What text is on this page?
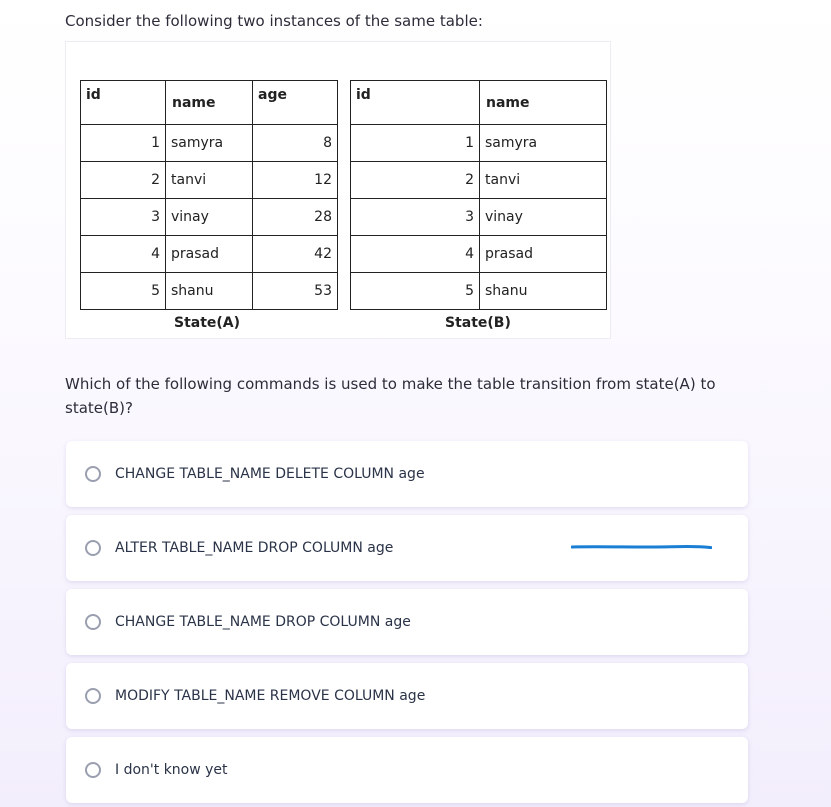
Consider the following two instances of the same table:
id	name	age
1	samyra	8
2	tanvi	12
3	vinay	28
4	prasad	42
5	shanu	53
id	name
1	samyra
2	tanvi
3	vinay
4	prasad
5	shanu
State(A)	State(B)
Which of the following commands is used to make the table transition from state(A) to state(B)?
CHANGE TABLE_NAME DELETE COLUMN age
ALTER TABLE_NAME DROP COLUMN age
CHANGE TABLE_NAME DROP COLUMN age
MODIFY TABLE_NAME REMOVE COLUMN age
I don't know yet
